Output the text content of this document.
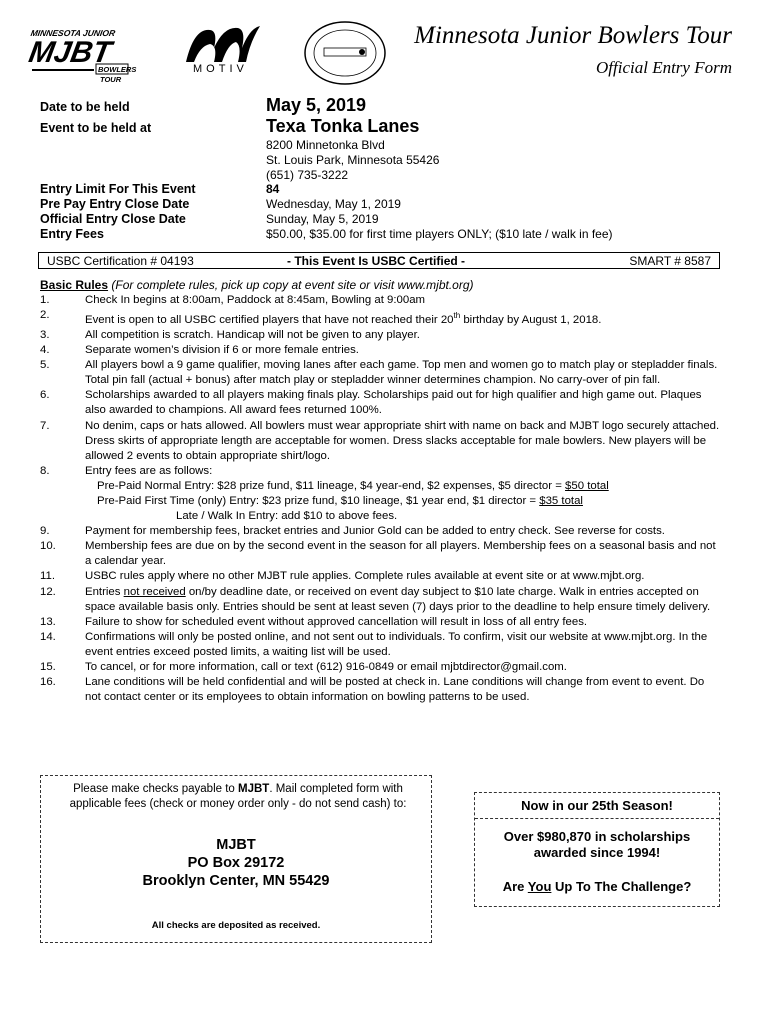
MINNESOTA JUNIOR
MJBT
BOWLERS
TOUR
MOTIV
Minnesota Junior Bowlers Tour
Official Entry Form
Date to be held	May 5, 2019
Event to be held at	Texa Tonka Lanes
8200 Minnetonka Blvd
St. Louis Park, Minnesota 55426
(651) 735-3222
Entry Limit For This Event	84
Pre Pay Entry Close Date	Wednesday, May 1, 2019
Official Entry Close Date	Sunday, May 5, 2019
Entry Fees	$50.00, $35.00 for first time players ONLY; ($10 late / walk in fee)
USBC Certification # 04193	- This Event Is USBC Certified -	SMART # 8587
Basic Rules (For complete rules, pick up copy at event site or visit www.mjbt.org)
1.	Check In begins at 8:00am, Paddock at 8:45am, Bowling at 9:00am
2.	Event is open to all USBC certified players that have not reached their 20th birthday by August 1, 2018.
3.	All competition is scratch. Handicap will not be given to any player.
4.	Separate women’s division if 6 or more female entries.
5.	All players bowl a 9 game qualifier, moving lanes after each game. Top men and women go to match play or stepladder finals. Total pin fall (actual + bonus) after match play or stepladder winner determines champion. No carry-over of pin fall.
6.	Scholarships awarded to all players making finals play. Scholarships paid out for high qualifier and high game out. Plaques also awarded to champions. All award fees returned 100%.
7.	No denim, caps or hats allowed. All bowlers must wear appropriate shirt with name on back and MJBT logo securely attached. Dress skirts of appropriate length are acceptable for women. Dress slacks acceptable for male bowlers. New players will be allowed 2 events to obtain appropriate shirt/logo.
8.	Entry fees are as follows:
Pre-Paid Normal Entry: $28 prize fund, $11 lineage, $4 year-end, $2 expenses, $5 director = $50 total
Pre-Paid First Time (only) Entry: $23 prize fund, $10 lineage, $1 year end, $1 director = $35 total
Late / Walk In Entry: add $10 to above fees.
9.	Payment for membership fees, bracket entries and Junior Gold can be added to entry check. See reverse for costs.
10.	Membership fees are due on by the second event in the season for all players. Membership fees on a seasonal basis and not a calendar year.
11.	USBC rules apply where no other MJBT rule applies. Complete rules available at event site or at www.mjbt.org.
12.	Entries not received on/by deadline date, or received on event day subject to $10 late charge. Walk in entries accepted on space available basis only. Entries should be sent at least seven (7) days prior to the deadline to help ensure timely delivery.
13.	Failure to show for scheduled event without approved cancellation will result in loss of all entry fees.
14.	Confirmations will only be posted online, and not sent out to individuals. To confirm, visit our website at www.mjbt.org. In the event entries exceed posted limits, a waiting list will be used.
15.	To cancel, or for more information, call or text (612) 916-0849 or email mjbtdirector@gmail.com.
16.	Lane conditions will be held confidential and will be posted at check in. Lane conditions will change from event to event. Do not contact center or its employees to obtain information on bowling patterns to be used.
Please make checks payable to MJBT. Mail completed form with applicable fees (check or money order only - do not send cash) to:
MJBT
PO Box 29172
Brooklyn Center, MN 55429
All checks are deposited as received.
Now in our 25th Season!
Over $980,870 in scholarships
awarded since 1994!
Are You Up To The Challenge?
